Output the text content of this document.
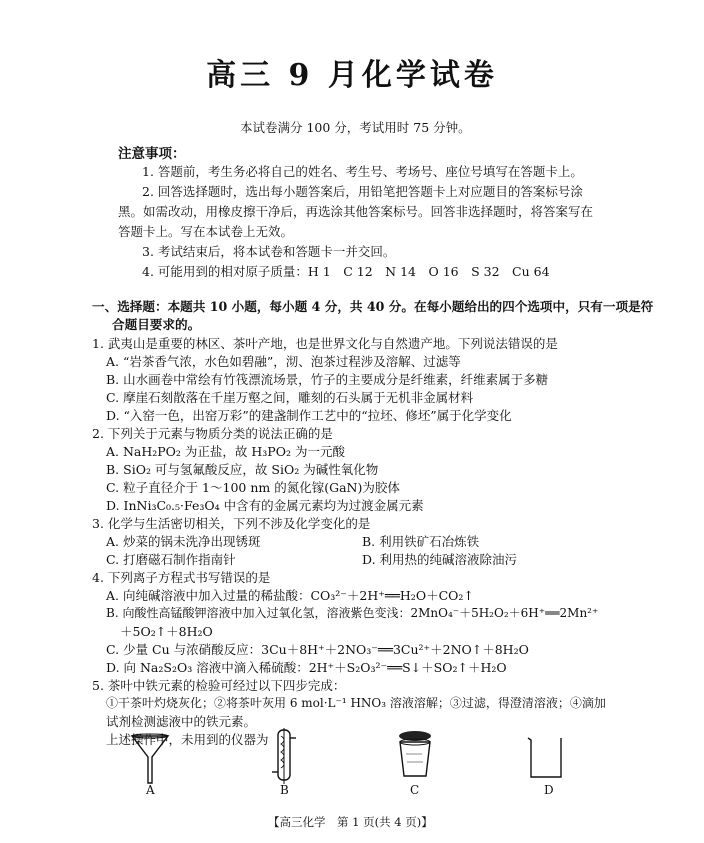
高三 9 月化学试卷
本试卷满分 100 分，考试用时 75 分钟。
注意事项：
1. 答题前，考生务必将自己的姓名、考生号、考场号、座位号填写在答题卡上。
2. 回答选择题时，选出每小题答案后，用铅笔把答题卡上对应题目的答案标号涂
黑。如需改动，用橡皮擦干净后，再选涂其他答案标号。回答非选择题时，将答案写在
答题卡上。写在本试卷上无效。
3. 考试结束后，将本试卷和答题卡一并交回。
4. 可能用到的相对原子质量：H 1　C 12　N 14　O 16　S 32　Cu 64
一、选择题：本题共 10 小题，每小题 4 分，共 40 分。在每小题给出的四个选项中，只有一项是符
合题目要求的。
1. 武夷山是重要的林区、茶叶产地，也是世界文化与自然遗产地。下列说法错误的是
A. “岩茶香气浓，水色如碧融”，沏、泡茶过程涉及溶解、过滤等
B. 山水画卷中常绘有竹筏漂流场景，竹子的主要成分是纤维素，纤维素属于多糖
C. 摩崖石刻散落在千崖万壑之间，雕刻的石头属于无机非金属材料
D. “入窑一色，出窑万彩”的建盏制作工艺中的“拉坯、修坯”属于化学变化
2. 下列关于元素与物质分类的说法正确的是
A. NaH₂PO₂ 为正盐，故 H₃PO₂ 为一元酸
B. SiO₂ 可与氢氟酸反应，故 SiO₂ 为碱性氧化物
C. 粒子直径介于 1～100 nm 的氮化镓(GaN)为胶体
D. InNi₃C₀.₅·Fe₃O₄ 中含有的金属元素均为过渡金属元素
3. 化学与生活密切相关，下列不涉及化学变化的是
A. 炒菜的锅未洗净出现锈斑	B. 利用铁矿石冶炼铁
C. 打磨磁石制作指南针	D. 利用热的纯碱溶液除油污
4. 下列离子方程式书写错误的是
A. 向纯碱溶液中加入过量的稀盐酸：CO₃²⁻＋2H⁺══H₂O＋CO₂↑
B. 向酸性高锰酸钾溶液中加入过氧化氢，溶液紫色变浅：2MnO₄⁻＋5H₂O₂＋6H⁺══2Mn²⁺
＋5O₂↑＋8H₂O
C. 少量 Cu 与浓硝酸反应：3Cu＋8H⁺＋2NO₃⁻══3Cu²⁺＋2NO↑＋8H₂O
D. 向 Na₂S₂O₃ 溶液中滴入稀硫酸：2H⁺＋S₂O₃²⁻══S↓＋SO₂↑＋H₂O
5. 茶叶中铁元素的检验可经过以下四步完成：
①干茶叶灼烧灰化；②将茶叶灰用 6 mol·L⁻¹ HNO₃ 溶液溶解；③过滤，得澄清溶液；④滴加
试剂检测滤液中的铁元素。
上述操作中，未用到的仪器为
A	B	C	D
【高三化学　第 1 页(共 4 页)】
